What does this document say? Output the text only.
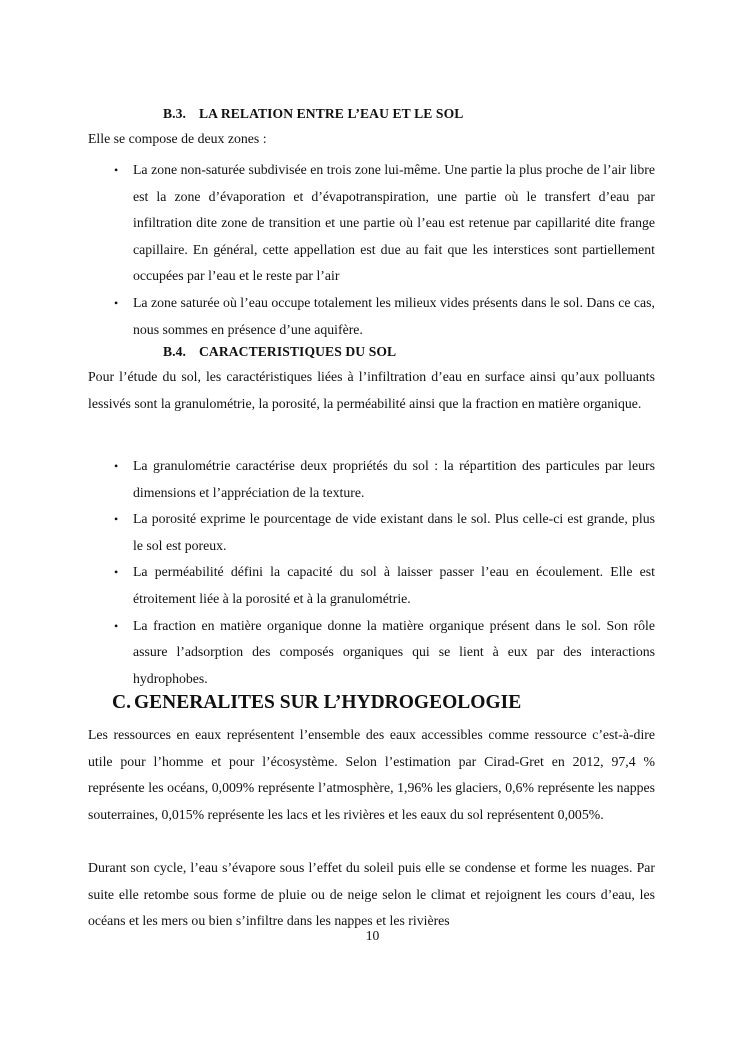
B.3. LA RELATION ENTRE L’EAU ET LE SOL
Elle se compose de deux zones :
• La zone non-saturée subdivisée en trois zone lui-même. Une partie la plus proche de l’air libre est la zone d’évaporation et d’évapotranspiration, une partie où le transfert d’eau par infiltration dite zone de transition et une partie où l’eau est retenue par capillarité dite frange capillaire. En général, cette appellation est due au fait que les interstices sont partiellement occupées par l’eau et le reste par l’air
• La zone saturée où l’eau occupe totalement les milieux vides présents dans le sol. Dans ce cas, nous sommes en présence d’une aquifère.
B.4. CARACTERISTIQUES DU SOL
Pour l’étude du sol, les caractéristiques liées à l’infiltration d’eau en surface ainsi qu’aux polluants lessivés sont la granulométrie, la porosité, la perméabilité ainsi que la fraction en matière organique.
• La granulométrie caractérise deux propriétés du sol : la répartition des particules par leurs dimensions et l’appréciation de la texture.
• La porosité exprime le pourcentage de vide existant dans le sol. Plus celle-ci est grande, plus le sol est poreux.
• La perméabilité défini la capacité du sol à laisser passer l’eau en écoulement. Elle est étroitement liée à la porosité et à la granulométrie.
• La fraction en matière organique donne la matière organique présent dans le sol. Son rôle assure l’adsorption des composés organiques qui se lient à eux par des interactions hydrophobes.
C. GENERALITES SUR L’HYDROGEOLOGIE
Les ressources en eaux représentent l’ensemble des eaux accessibles comme ressource c’est-à-dire utile pour l’homme et pour l’écosystème. Selon l’estimation par Cirad-Gret en 2012, 97,4 % représente les océans, 0,009% représente l’atmosphère, 1,96% les glaciers, 0,6% représente les nappes souterraines, 0,015% représente les lacs et les rivières et les eaux du sol représentent 0,005%.
Durant son cycle, l’eau s’évapore sous l’effet du soleil puis elle se condense et forme les nuages. Par suite elle retombe sous forme de pluie ou de neige selon le climat et rejoignent les cours d’eau, les océans et les mers ou bien s’infiltre dans les nappes et les rivières
10
